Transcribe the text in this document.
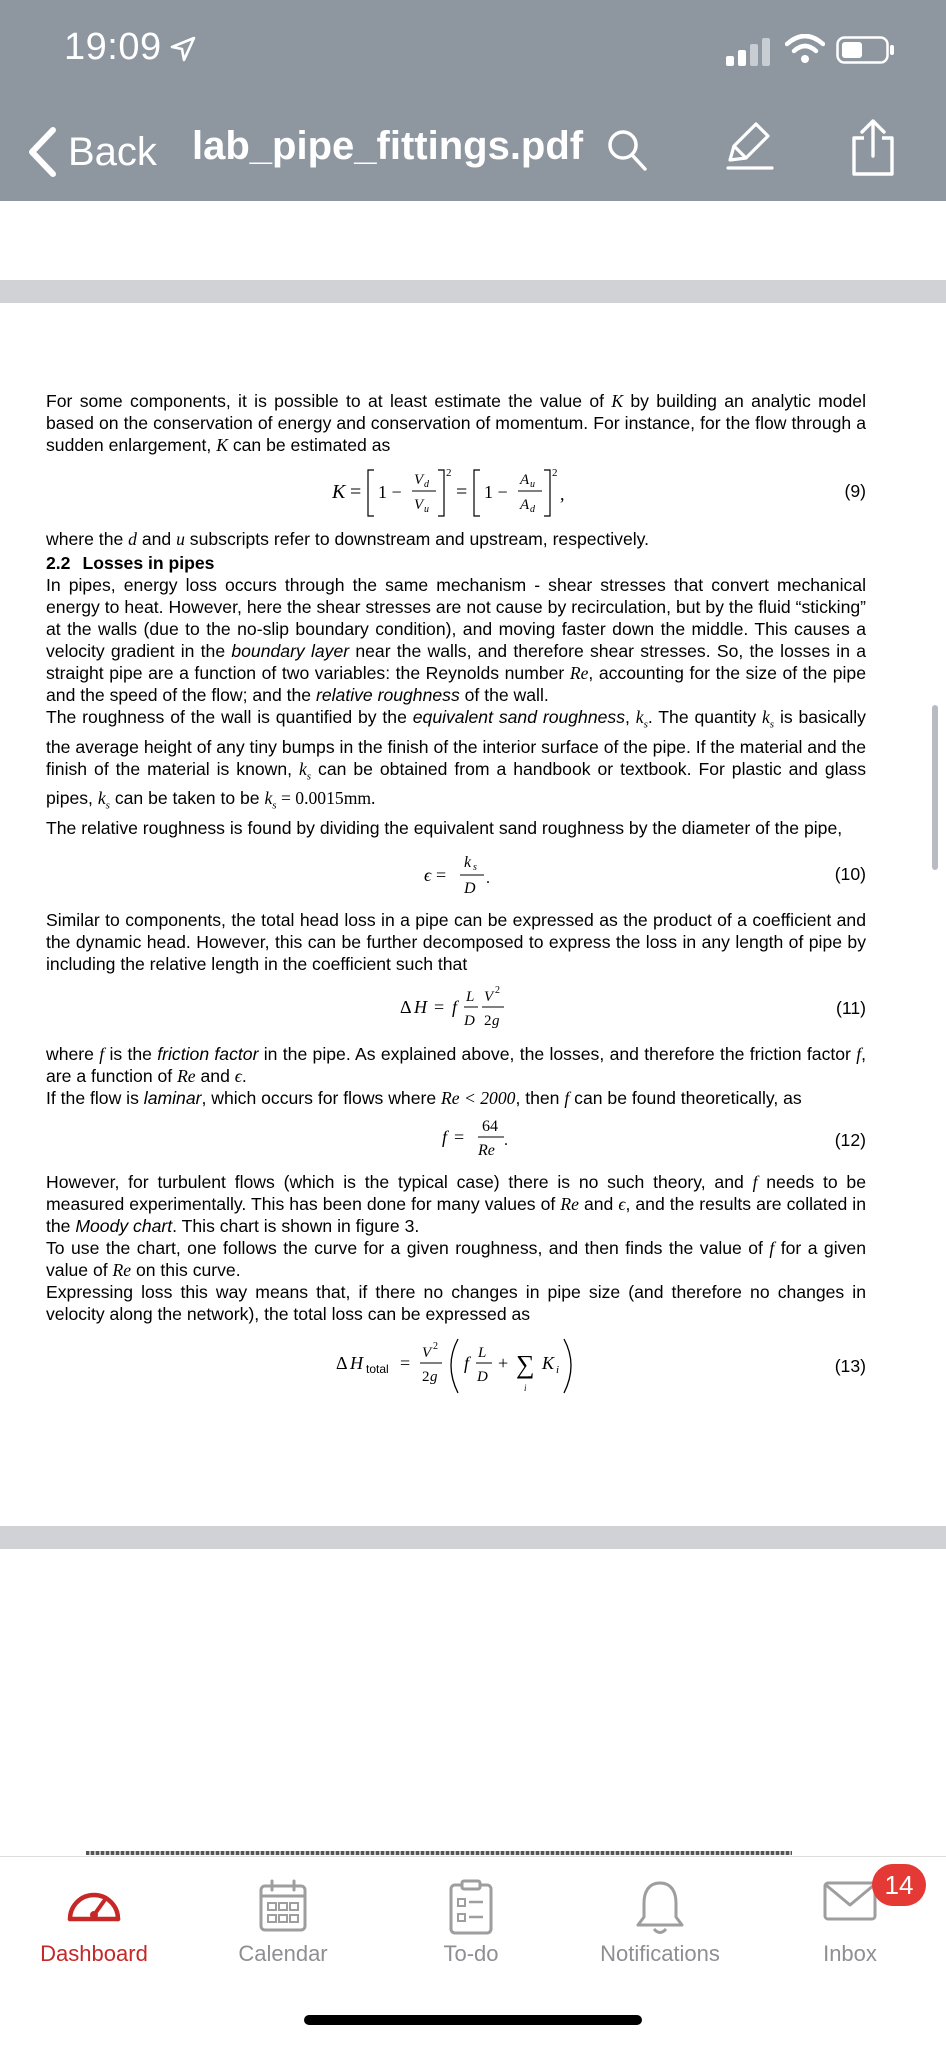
19:09
Back lab_pipe_fittings.pdf

For some components, it is possible to at least estimate the value of K by building an analytic model based on the conservation of energy and conservation of momentum. For instance, for the flow through a sudden enlargement, K can be estimated as

K = 1 −
V d
V u
2
= 1 −
A u
A d
2
,	(9)

where the d and u subscripts refer to downstream and upstream, respectively.

2.2 Losses in pipes

In pipes, energy loss occurs through the same mechanism - shear stresses that convert mechanical energy to heat. However, here the shear stresses are not cause by recirculation, but by the fluid “sticking” at the walls (due to the no-slip boundary condition), and moving faster down the middle. This causes a velocity gradient in the boundary layer near the walls, and therefore shear stresses. So, the losses in a straight pipe are a function of two variables: the Reynolds number Re, accounting for the size of the pipe and the speed of the flow; and the relative roughness of the wall.

The roughness of the wall is quantified by the equivalent sand roughness, $k_s$. The quantity $k_s$ is basically the average height of any tiny bumps in the finish of the interior surface of the pipe. If the material and the finish of the material is known, $k_s$ can be obtained from a handbook or textbook. For plastic and glass pipes, $k_s$ can be taken to be $k_s = 0.0015mm$.

The relative roughness is found by dividing the equivalent sand roughness by the diameter of the pipe,

ϵ =
k s
D
.	(10)

Similar to components, the total head loss in a pipe can be expressed as the product of a coefficient and the dynamic head. However, this can be further decomposed to express the loss in any length of pipe by including the relative length in the coefficient such that

Δ H = f L
D
V 2
2 g
(11)

where f is the friction factor in the pipe. As explained above, the losses, and therefore the friction factor f, are a function of Re and ϵ.

If the flow is laminar, which occurs for flows where Re < 2000, then f can be found theoretically, as

f =
64
Re
.	(12)

However, for turbulent flows (which is the typical case) there is no such theory, and f needs to be measured experimentally. This has been done for many values of Re and ϵ, and the results are collated in the Moody chart. This chart is shown in figure 3.

To use the chart, one follows the curve for a given roughness, and then finds the value of f for a given value of Re on this curve.

Expressing loss this way means that, if there no changes in pipe size (and therefore no changes in velocity along the network), the total loss can be expressed as

Δ H total = V 2
2 g
f L
D
+ ∑
i
K i	(13)
Dashboard	Calendar	To-do	Notifications	Inbox
14
